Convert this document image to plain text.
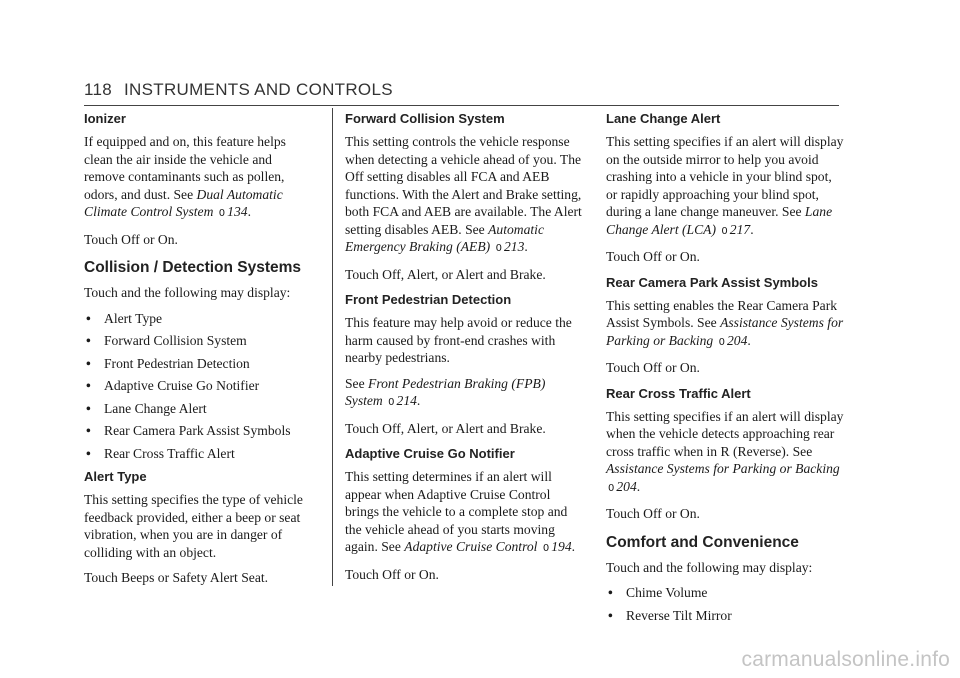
118 INSTRUMENTS AND CONTROLS
Ionizer

If equipped and on, this feature helps clean the air inside the vehicle and remove contaminants such as pollen, odors, and dust. See Dual Automatic Climate Control System 0 134.

Touch Off or On.

Collision / Detection Systems

Touch and the following may display:

• Alert Type
• Forward Collision System
• Front Pedestrian Detection
• Adaptive Cruise Go Notifier
• Lane Change Alert
• Rear Camera Park Assist Symbols
• Rear Cross Traffic Alert
Alert Type

This setting specifies the type of vehicle feedback provided, either a beep or seat vibration, when you are in danger of colliding with an object.

Touch Beeps or Safety Alert Seat.

Forward Collision System

This setting controls the vehicle response when detecting a vehicle ahead of you. The Off setting disables all FCA and AEB functions. With the Alert and Brake setting, both FCA and AEB are available. The Alert setting disables AEB. See Automatic Emergency Braking (AEB) 0 213.

Touch Off, Alert, or Alert and Brake.

Front Pedestrian Detection

This feature may help avoid or reduce the harm caused by front-end crashes with nearby pedestrians.

See Front Pedestrian Braking (FPB) System 0 214.

Touch Off, Alert, or Alert and Brake.

Adaptive Cruise Go Notifier

This setting determines if an alert will appear when Adaptive Cruise Control brings the vehicle to a complete stop and the vehicle ahead of you starts moving again. See Adaptive Cruise Control 0 194.

Touch Off or On.

Lane Change Alert

This setting specifies if an alert will display on the outside mirror to help you avoid crashing into a vehicle in your blind spot, or rapidly approaching your blind spot, during a lane change maneuver. See Lane Change Alert (LCA) 0 217.

Touch Off or On.

Rear Camera Park Assist Symbols

This setting enables the Rear Camera Park Assist Symbols. See Assistance Systems for Parking or Backing 0 204.

Touch Off or On.

Rear Cross Traffic Alert

This setting specifies if an alert will display when the vehicle detects approaching rear cross traffic when in R (Reverse). See Assistance Systems for Parking or Backing 0 204.

Touch Off or On.

Comfort and Convenience

Touch and the following may display:

• Chime Volume
• Reverse Tilt Mirror
carmanualsonline.info
